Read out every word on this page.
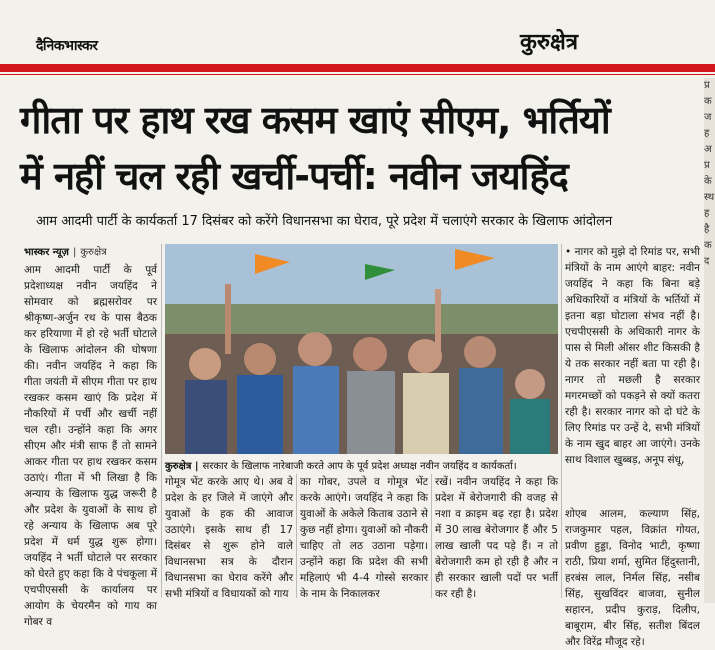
दैनिकभास्कर	कुरुक्षेत्र
गीता पर हाथ रख कसम खाएं सीएम, भर्तियों
में नहीं चल रही खर्ची-पर्ची: नवीन जयहिंद
आम आदमी पार्टी के कार्यकर्ता 17 दिसंबर को करेंगे विधानसभा का घेराव, पूरे प्रदेश में चलाएंगे सरकार के खिलाफ आंदोलन
भास्कर न्यूज़ | कुरुक्षेत्र
आम आदमी पार्टी के पूर्व प्रदेशाध्यक्ष नवीन जयहिंद ने सोमवार को ब्रह्मसरोवर पर श्रीकृष्ण-अर्जुन रथ के पास बैठक कर हरियाणा में हो रहे भर्ती घोटाले के खिलाफ आंदोलन की घोषणा की। नवीन जयहिंद ने कहा कि गीता जयंती में सीएम गीता पर हाथ रखकर कसम खाएं कि प्रदेश में नौकरियों में पर्ची और खर्ची नहीं चल रही। उन्होंने कहा कि अगर सीएम और मंत्री साफ हैं तो सामने आकर गीता पर हाथ रखकर कसम उठाएं। गीता में भी लिखा है कि अन्याय के खिलाफ युद्ध जरूरी है और प्रदेश के युवाओं के साथ हो रहे अन्याय के खिलाफ अब पूरे प्रदेश में धर्म युद्ध शुरू होगा। जयहिंद ने भर्ती घोटाले पर सरकार को घेरते हुए कहा कि वे पंचकूला में एचपीएससी के कार्यालय पर आयोग के चेयरमैन को गाय का गोबर व
कुरुक्षेत्र | सरकार के खिलाफ नारेबाजी करते आप के पूर्व प्रदेश अध्यक्ष नवीन जयहिंद व कार्यकर्ता।
• नागर को मुझे दो रिमांड पर, सभी मंत्रियों के नाम आएंगे बाहर: नवीन जयहिंद ने कहा कि बिना बड़े अधिकारियों व मंत्रियों के भर्तियों में इतना बड़ा घोटाला संभव नहीं है। एचपीएससी के अधिकारी नागर के पास से मिली ऑसर शीट किसकी है ये तक सरकार नहीं बता पा रही है। नागर तो मछली है सरकार मगरमच्छों को पकड़ने से क्यों कतरा रही है। सरकार नागर को दो घंटे के लिए रिमांड पर उन्हें दे, सभी मंत्रियों के नाम खुद बाहर आ जाएंगे। उनके साथ विशाल खुब्बड़, अनूप संधू,
गोमूत्र भेंट करके आए थे। अब वे प्रदेश के हर जिले में जाएंगे और युवाओं के हक की आवाज उठाएंगे। इसके साथ ही 17 दिसंबर से शुरू होने वाले विधानसभा सत्र के दौरान विधानसभा का घेराव करेंगे और सभी मंत्रियों व विधायकों को गाय
का गोबर, उपले व गोमूत्र भेंट करके आएंगे। जयहिंद ने कहा कि युवाओं के अकेले किताब उठाने से कुछ नहीं होगा। युवाओं को नौकरी चाहिए तो लठ उठाना पड़ेगा। उन्होंने कहा कि प्रदेश की सभी महिलाएं भी 4-4 गोस्से सरकार के नाम के निकालकर
रखें। नवीन जयहिंद ने कहा कि प्रदेश में बेरोजगारी की वजह से नशा व क्राइम बढ़ रहा है। प्रदेश में 30 लाख बेरोजगार हैं और 5 लाख खाली पद पड़े हैं। न तो बेरोजगारी कम हो रही है और न ही सरकार खाली पदों पर भर्ती कर रही है।
शोएब आलम, कल्याण सिंह, राजकुमार पहल, विक्रांत गोयत, प्रवीण हुड्डा, विनोद भाटी, कृष्णा राठी, प्रिया शर्मा, सुमित हिंदुस्तानी, हरबंस लाल, निर्मल सिंह, नसीब सिंह, सुखविंदर बाजवा, सुनील सहारन, प्रदीप कुराड़, दिलीप, बाबूराम, बीर सिंह, सतीश बिंदल और विरेंद्र मौजूद रहे।
प्र क ज ह अ प्र के स्थ ह है क द
